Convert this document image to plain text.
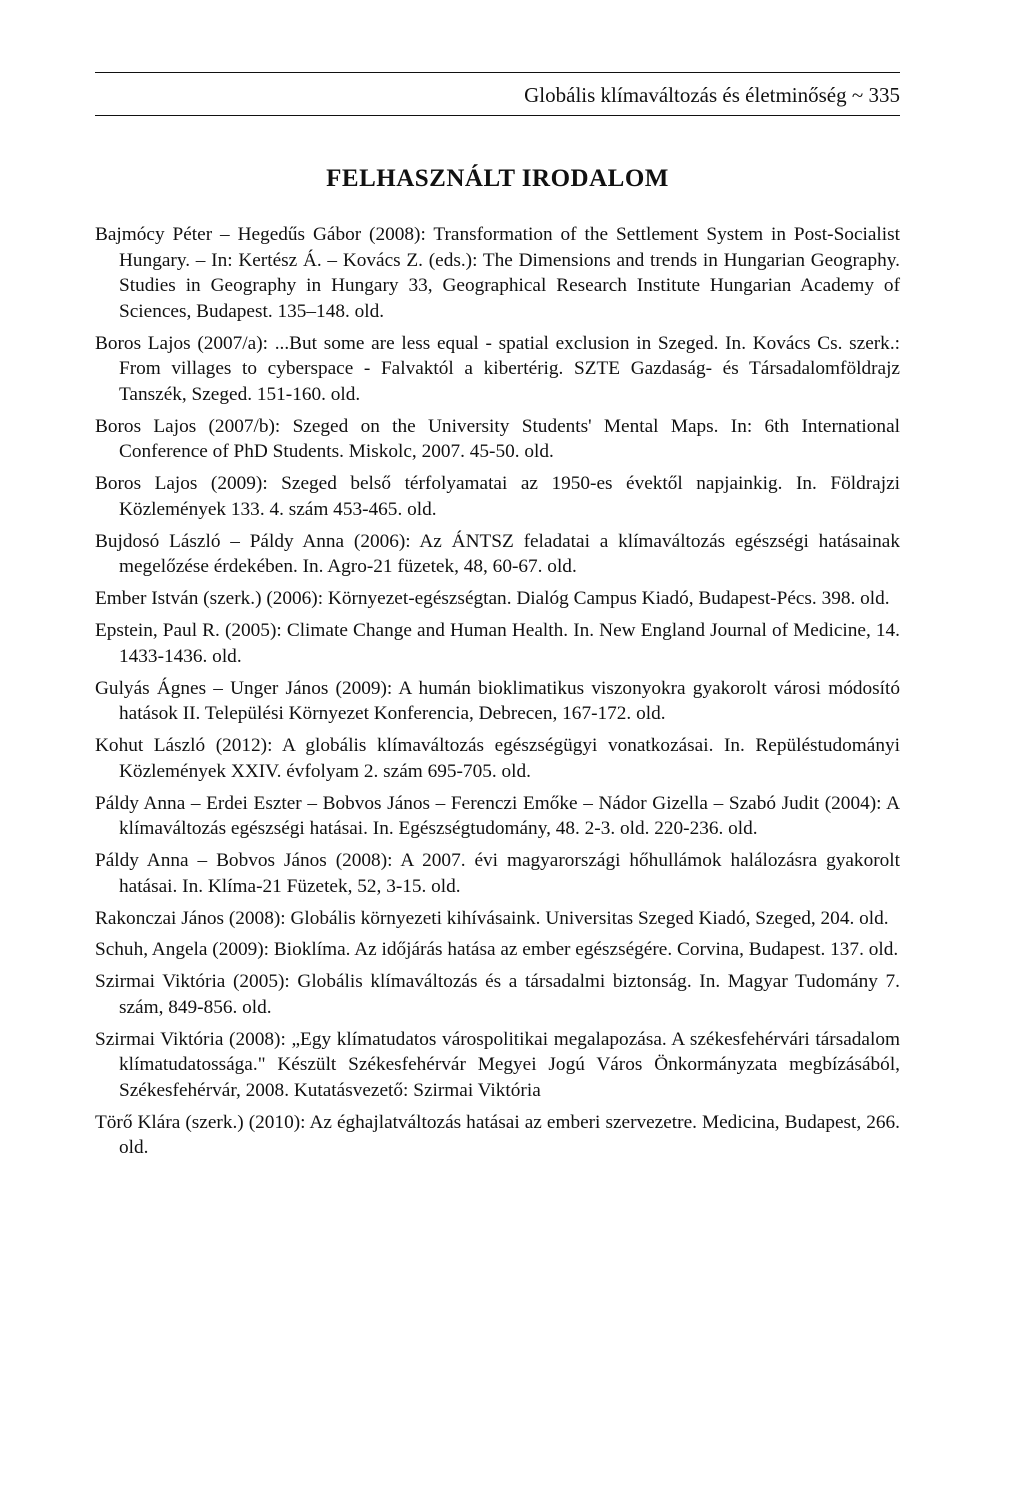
Globális klímaváltozás és életminőség ~ 335
FELHASZNÁLT IRODALOM
Bajmócy Péter – Hegedűs Gábor (2008): Transformation of the Settlement System in Post-Socialist Hungary. – In: Kertész Á. – Kovács Z. (eds.): The Dimensions and trends in Hungarian Geography. Studies in Geography in Hungary 33, Geographical Research Institute Hungarian Academy of Sciences, Budapest. 135–148. old.
Boros Lajos (2007/a): ...But some are less equal - spatial exclusion in Szeged. In. Kovács Cs. szerk.: From villages to cyberspace - Falvaktól a kibertérig. SZTE Gazdaság- és Társadalomföldrajz Tanszék, Szeged. 151-160. old.
Boros Lajos (2007/b): Szeged on the University Students' Mental Maps. In: 6th International Conference of PhD Students. Miskolc, 2007. 45-50. old.
Boros Lajos (2009): Szeged belső térfolyamatai az 1950-es évektől napjainkig. In. Földrajzi Közlemények 133. 4. szám 453-465. old.
Bujdosó László – Páldy Anna (2006): Az ÁNTSZ feladatai a klímaváltozás egészségi hatásainak megelőzése érdekében. In. Agro-21 füzetek, 48, 60-67. old.
Ember István (szerk.) (2006): Környezet-egészségtan. Dialóg Campus Kiadó, Budapest-Pécs. 398. old.
Epstein, Paul R. (2005): Climate Change and Human Health. In. New England Journal of Medicine, 14. 1433-1436. old.
Gulyás Ágnes – Unger János (2009): A humán bioklimatikus viszonyokra gyakorolt városi módosító hatások II. Települési Környezet Konferencia, Debrecen, 167-172. old.
Kohut László (2012): A globális klímaváltozás egészségügyi vonatkozásai. In. Repüléstudományi Közlemények XXIV. évfolyam 2. szám 695-705. old.
Páldy Anna – Erdei Eszter – Bobvos János – Ferenczi Emőke – Nádor Gizella – Szabó Judit (2004): A klímaváltozás egészségi hatásai. In. Egészségtudomány, 48. 2-3. old. 220-236. old.
Páldy Anna – Bobvos János (2008): A 2007. évi magyarországi hőhullámok halálozásra gyakorolt hatásai. In. Klíma-21 Füzetek, 52, 3-15. old.
Rakonczai János (2008): Globális környezeti kihívásaink. Universitas Szeged Kiadó, Szeged, 204. old.
Schuh, Angela (2009): Bioklíma. Az időjárás hatása az ember egészségére. Corvina, Budapest. 137. old.
Szirmai Viktória (2005): Globális klímaváltozás és a társadalmi biztonság. In. Magyar Tudomány 7. szám, 849-856. old.
Szirmai Viktória (2008): „Egy klímatudatos várospolitikai megalapozása. A székesfehérvári társadalom klímatudatossága." Készült Székesfehérvár Megyei Jogú Város Önkormányzata megbízásából, Székesfehérvár, 2008. Kutatásvezető: Szirmai Viktória
Törő Klára (szerk.) (2010): Az éghajlatváltozás hatásai az emberi szervezetre. Medicina, Budapest, 266. old.
